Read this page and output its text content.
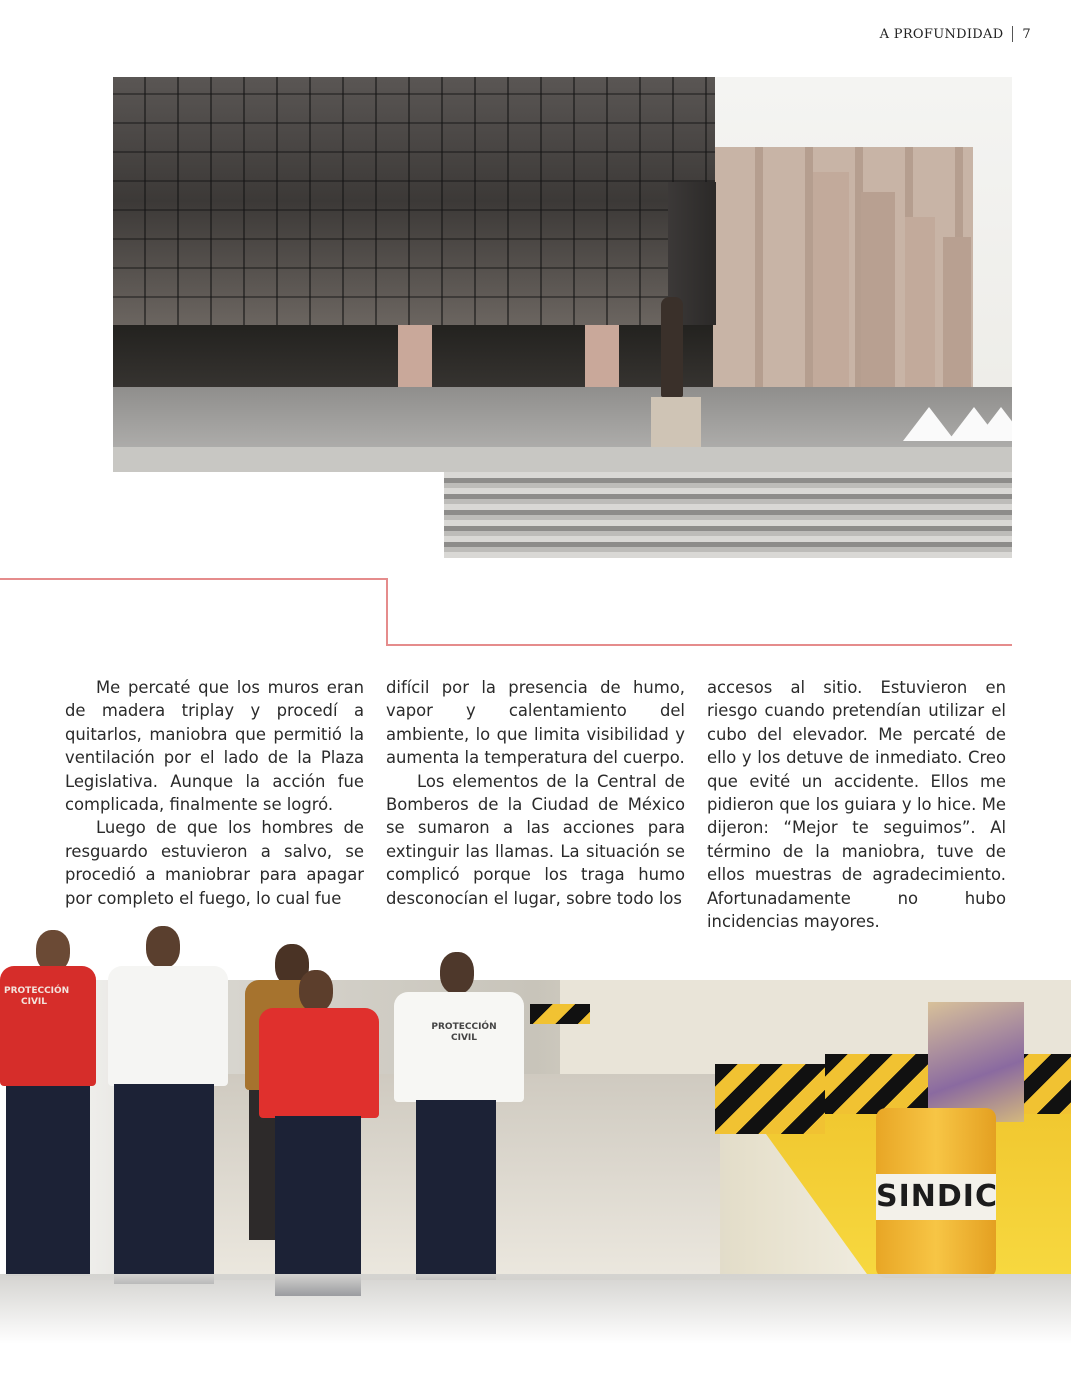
A PROFUNDIDAD 7

Me percaté que los muros eran de madera triplay y procedí a quitarlos, maniobra que permitió la ventilación por el lado de la Plaza Legislativa. Aunque la acción fue complicada, finalmente se logró.

Luego de que los hombres de resguardo estuvieron a salvo, se procedió a maniobrar para apagar por completo el fuego, lo cual fue

difícil por la presencia de humo, vapor y calentamiento del ambiente, lo que limita visibilidad y aumenta la temperatura del cuerpo.

Los elementos de la Central de Bomberos de la Ciudad de México se sumaron a las acciones para extinguir las llamas. La situación se complicó porque los traga humo desconocían el lugar, sobre todo los

accesos al sitio. Estuvieron en riesgo cuando pretendían utilizar el cubo del elevador. Me percaté de ello y los detuve de inmediato. Creo que evité un accidente. Ellos me pidieron que los guiara y lo hice. Me dijeron: “Mejor te seguimos”. Al término de la maniobra, tuve de ellos muestras de agradecimiento. Afortunadamente no hubo incidencias mayores.

SINDIC
PROTECCIÓN CIVIL
PROTECCIÓN CIVIL
